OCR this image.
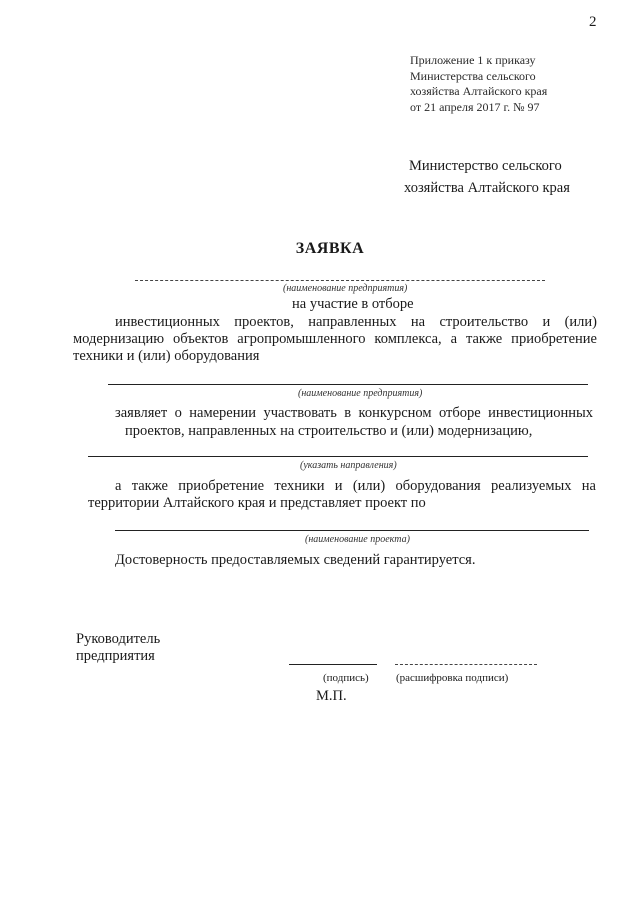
2
Приложение 1 к приказу
Министерства сельского
хозяйства Алтайского края
от 21 апреля 2017 г. № 97
Министерство сельского
хозяйства Алтайского края
ЗАЯВКА
(наименование предприятия)
на участие в отборе
инвестиционных проектов, направленных на строительство и (или)
модернизацию объектов агропромышленного комплекса, а также приобретение
техники и (или) оборудования
(наименование предприятия)
заявляет о намерении участвовать в конкурсном отборе инвестиционных
проектов, направленных на строительство и (или) модернизацию,
(указать направления)
а также приобретение техники и (или) оборудования реализуемых на
территории Алтайского края и представляет проект по
(наименование проекта)
Достоверность предоставляемых сведений гарантируется.
Руководитель
предприятия
(подпись) (расшифровка подписи)
М.П.
